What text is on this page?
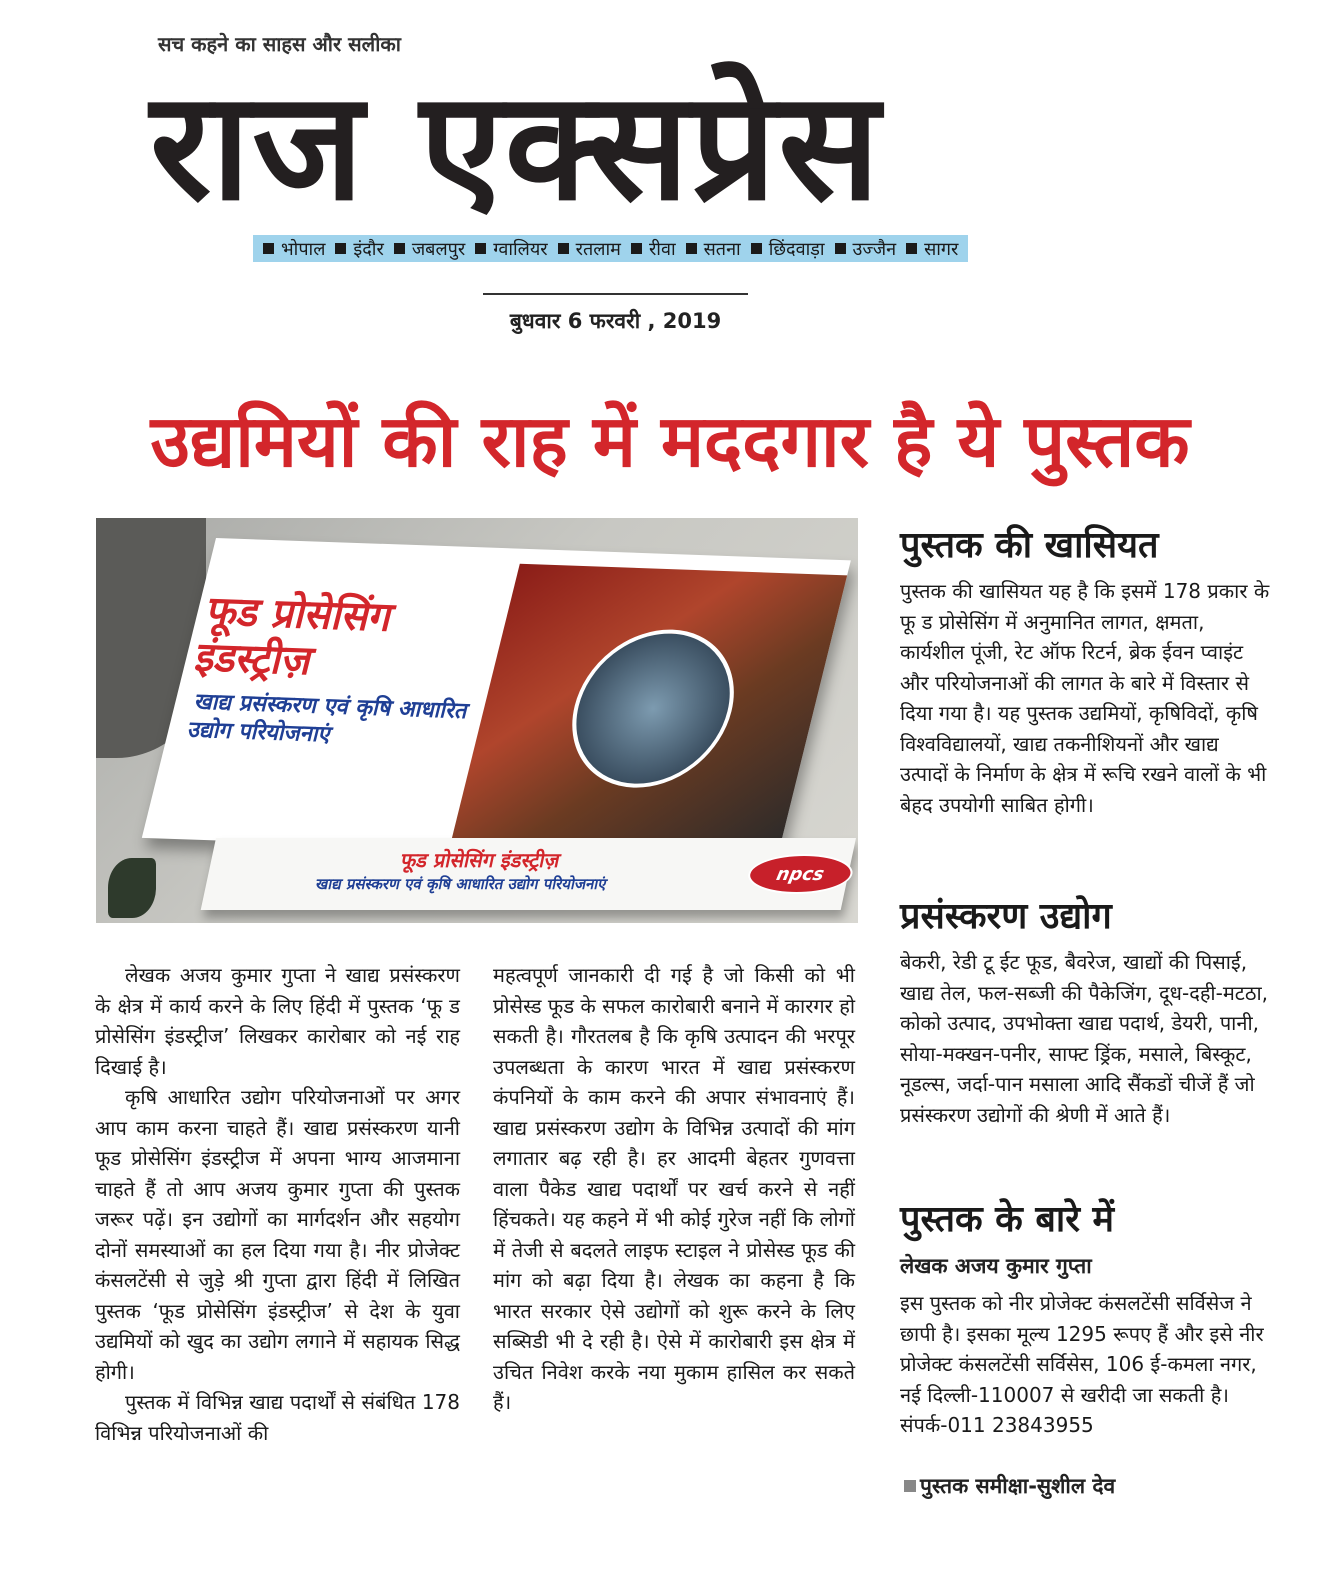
सच कहने का साहस और सलीका
राज एक्सप्रेस
भोपाल इंदौर जबलपुर ग्वालियर रतलाम रीवा सतना छिंदवाड़ा उज्जैन सागर
बुधवार 6 फरवरी , 2019
उद्यमियों की राह में मददगार है ये पुस्तक
फूड प्रोसेसिंग इंडस्ट्रीज़
खाद्य प्रसंस्करण एवं कृषि आधारित उद्योग परियोजनाएं
फूड प्रोसेसिंग इंडस्ट्रीज़
खाद्य प्रसंस्करण एवं कृषि आधारित उद्योग परियोजनाएं	npcs

लेखक अजय कुमार गुप्ता ने खाद्य प्रसंस्करण के क्षेत्र में कार्य करने के लिए हिंदी में पुस्तक ‘फू ड प्रोसेसिंग इंडस्ट्रीज’ लिखकर कारोबार को नई राह दिखाई है।

कृषि आधारित उद्योग परियोजनाओं पर अगर आप काम करना चाहते हैं। खाद्य प्रसंस्करण यानी फूड प्रोसेसिंग इंडस्ट्रीज में अपना भाग्य आजमाना चाहते हैं तो आप अजय कुमार गुप्ता की पुस्तक जरूर पढ़ें। इन उद्योगों का मार्गदर्शन और सहयोग दोनों समस्याओं का हल दिया गया है। नीर प्रोजेक्ट कंसलटेंसी से जुड़े श्री गुप्ता द्वारा हिंदी में लिखित पुस्तक ‘फूड प्रोसेसिंग इंडस्ट्रीज’ से देश के युवा उद्यमियों को खुद का उद्योग लगाने में सहायक सिद्ध होगी।

पुस्तक में विभिन्न खाद्य पदार्थों से संबंधित 178 विभिन्न परियोजनाओं की

महत्वपूर्ण जानकारी दी गई है जो किसी को भी प्रोसेस्ड फूड के सफल कारोबारी बनाने में कारगर हो सकती है। गौरतलब है कि कृषि उत्पादन की भरपूर उपलब्धता के कारण भारत में खाद्य प्रसंस्करण कंपनियों के काम करने की अपार संभावनाएं हैं। खाद्य प्रसंस्करण उद्योग के विभिन्न उत्पादों की मांग लगातार बढ़ रही है। हर आदमी बेहतर गुणवत्ता वाला पैकेड खाद्य पदार्थों पर खर्च करने से नहीं हिंचकते। यह कहने में भी कोई गुरेज नहीं कि लोगों में तेजी से बदलते लाइफ स्टाइल ने प्रोसेस्ड फूड की मांग को बढ़ा दिया है। लेखक का कहना है कि भारत सरकार ऐसे उद्योगों को शुरू करने के लिए सब्सिडी भी दे रही है। ऐसे में कारोबारी इस क्षेत्र में उचित निवेश करके नया मुकाम हासिल कर सकते हैं।

पुस्तक की खासियत
पुस्तक की खासियत यह है कि इसमें 178 प्रकार के फू ड प्रोसेसिंग में अनुमानित लागत, क्षमता, कार्यशील पूंजी, रेट ऑफ रिटर्न, ब्रेक ईवन प्वाइंट और परियोजनाओं की लागत के बारे में विस्तार से दिया गया है। यह पुस्तक उद्यमियों, कृषिविदों, कृषि विश्वविद्यालयों, खाद्य तकनीशियनों और खाद्य उत्पादों के निर्माण के क्षेत्र में रूचि रखने वालों के भी बेहद उपयोगी साबित होगी।
प्रसंस्करण उद्योग
बेकरी, रेडी टू ईट फूड, बैवरेज, खाद्यों की पिसाई, खाद्य तेल, फल-सब्जी की पैकेजिंग, दूध-दही-मटठा, कोको उत्पाद, उपभोक्ता खाद्य पदार्थ, डेयरी, पानी, सोया-मक्खन-पनीर, साफ्ट ड्रिंक, मसाले, बिस्कूट, नूडल्स, जर्दा-पान मसाला आदि सैंकडों चीजें हैं जो प्रसंस्करण उद्योगों की श्रेणी में आते हैं।
पुस्तक के बारे में
लेखक अजय कुमार गुप्ता
इस पुस्तक को नीर प्रोजेक्ट कंसलटेंसी सर्विसेज ने छापी है। इसका मूल्य 1295 रूपए हैं और इसे नीर प्रोजेक्ट कंसलटेंसी सर्विसेस, 106 ई-कमला नगर, नई दिल्ली-110007 से खरीदी जा सकती है। संपर्क-011 23843955
पुस्तक समीक्षा-सुशील देव
